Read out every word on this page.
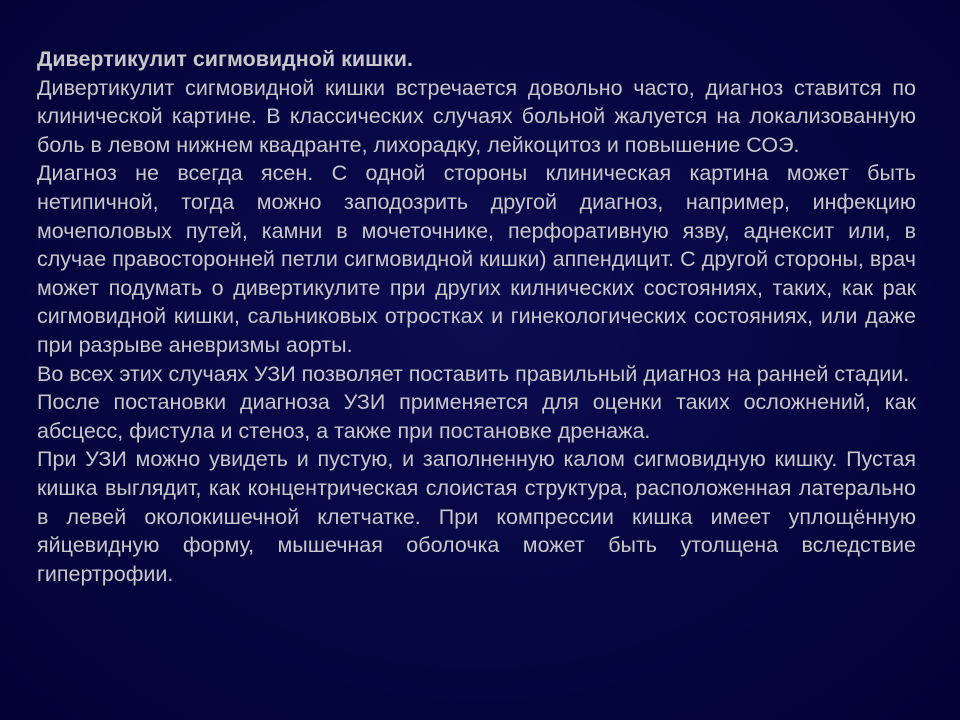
Дивертикулит сигмовидной кишки.

Дивертикулит сигмовидной кишки встречается довольно часто, диагноз ставится по клинической картине. В классических случаях больной жалуется на локализованную боль в левом нижнем квадранте, лихорадку, лейкоцитоз и повышение СОЭ.

Диагноз не всегда ясен. С одной стороны клиническая картина может быть нетипичной, тогда можно заподозрить другой диагноз, например, инфекцию мочеполовых путей, камни в мочеточнике, перфоративную язву, аднексит или, в случае правосторонней петли сигмовидной кишки) аппендицит. С другой стороны, врач может подумать о дивертикулите при других килнических состояниях, таких, как рак сигмовидной кишки, сальниковых отростках и гинекологических состояниях, или даже при разрыве аневризмы аорты.

Во всех этих случаях УЗИ позволяет поставить правильный диагноз на ранней стадии.

После постановки диагноза УЗИ применяется для оценки таких осложнений, как абсцесс, фистула и стеноз, а также при постановке дренажа.

При УЗИ можно увидеть и пустую, и заполненную калом сигмовидную кишку. Пустая кишка выглядит, как концентрическая слоистая структура, расположенная латерально в левей околокишечной клетчатке. При компрессии кишка имеет уплощённую яйцевидную форму, мышечная оболочка может быть утолщена вследствие гипертрофии.
